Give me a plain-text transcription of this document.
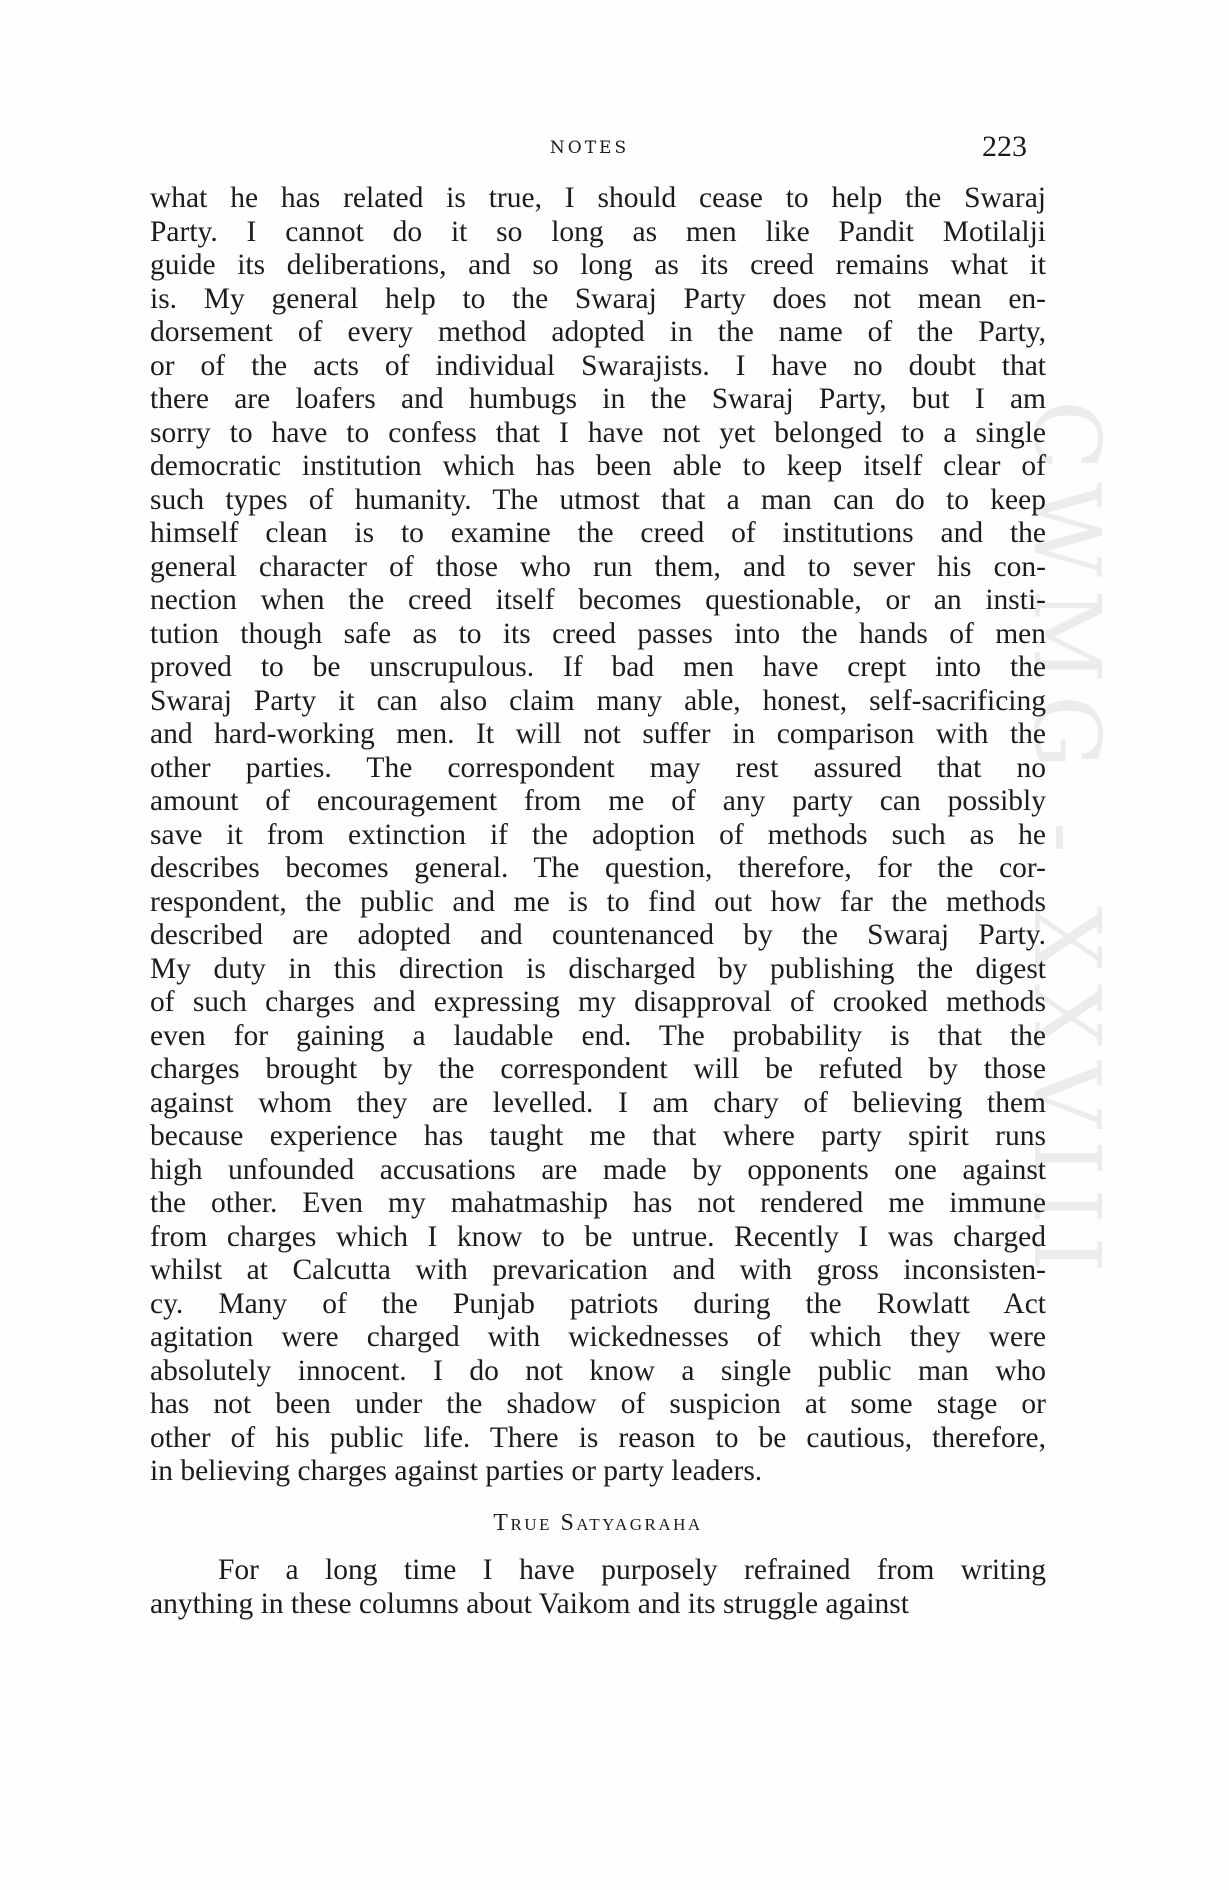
NOTES	223
CWMG - XXVIII

what he has related is true, I should cease to help the Swaraj
Party. I cannot do it so long as men like Pandit Motilalji
guide its deliberations, and so long as its creed remains what it
is. My general help to the Swaraj Party does not mean en-
dorsement of every method adopted in the name of the Party,
or of the acts of individual Swarajists. I have no doubt that
there are loafers and humbugs in the Swaraj Party, but I am
sorry to have to confess that I have not yet belonged to a single
democratic institution which has been able to keep itself clear of
such types of humanity. The utmost that a man can do to keep
himself clean is to examine the creed of institutions and the
general character of those who run them, and to sever his con-
nection when the creed itself becomes questionable, or an insti-
tution though safe as to its creed passes into the hands of men
proved to be unscrupulous. If bad men have crept into the
Swaraj Party it can also claim many able, honest, self-sacrificing
and hard-working men. It will not suffer in comparison with the
other parties. The correspondent may rest assured that no
amount of encouragement from me of any party can possibly
save it from extinction if the adoption of methods such as he
describes becomes general. The question, therefore, for the cor-
respondent, the public and me is to find out how far the methods
described are adopted and countenanced by the Swaraj Party.
My duty in this direction is discharged by publishing the digest
of such charges and expressing my disapproval of crooked methods
even for gaining a laudable end. The probability is that the
charges brought by the correspondent will be refuted by those
against whom they are levelled. I am chary of believing them
because experience has taught me that where party spirit runs
high unfounded accusations are made by opponents one against
the other. Even my mahatmaship has not rendered me immune
from charges which I know to be untrue. Recently I was charged
whilst at Calcutta with prevarication and with gross inconsisten-
cy. Many of the Punjab patriots during the Rowlatt Act
agitation were charged with wickednesses of which they were
absolutely innocent. I do not know a single public man who
has not been under the shadow of suspicion at some stage or
other of his public life. There is reason to be cautious, therefore,
in believing charges against parties or party leaders.

True Satyagraha

For a long time I have purposely refrained from writing
anything in these columns about Vaikom and its struggle against
